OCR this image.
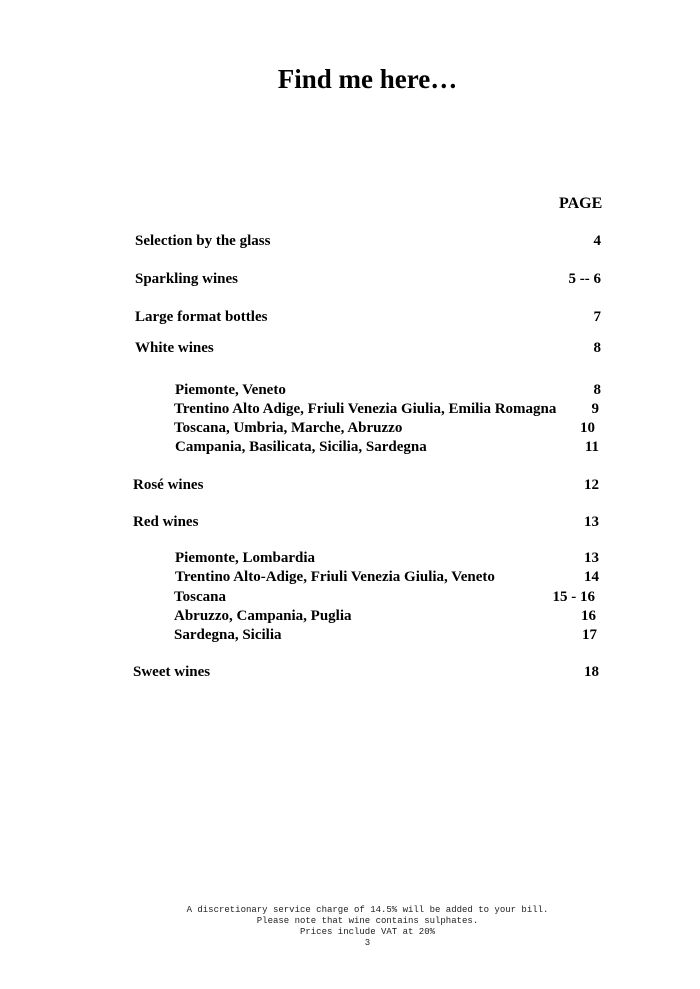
Find me here…
PAGE
Selection by the glass	4
Sparkling wines	5 -- 6
Large format bottles	7
White wines	8
Piemonte, Veneto	8
Trentino Alto Adige, Friuli Venezia Giulia, Emilia Romagna 9
Toscana, Umbria, Marche, Abruzzo	10
Campania, Basilicata, Sicilia, Sardegna	11
Rosé wines	12
Red wines	13
Piemonte, Lombardia	13
Trentino Alto-Adige, Friuli Venezia Giulia, Veneto	14
Toscana	15 - 16
Abruzzo, Campania, Puglia	16
Sardegna, Sicilia	17
Sweet wines	18
A discretionary service charge of 14.5% will be added to your bill.
Please note that wine contains sulphates.
Prices include VAT at 20%
3
